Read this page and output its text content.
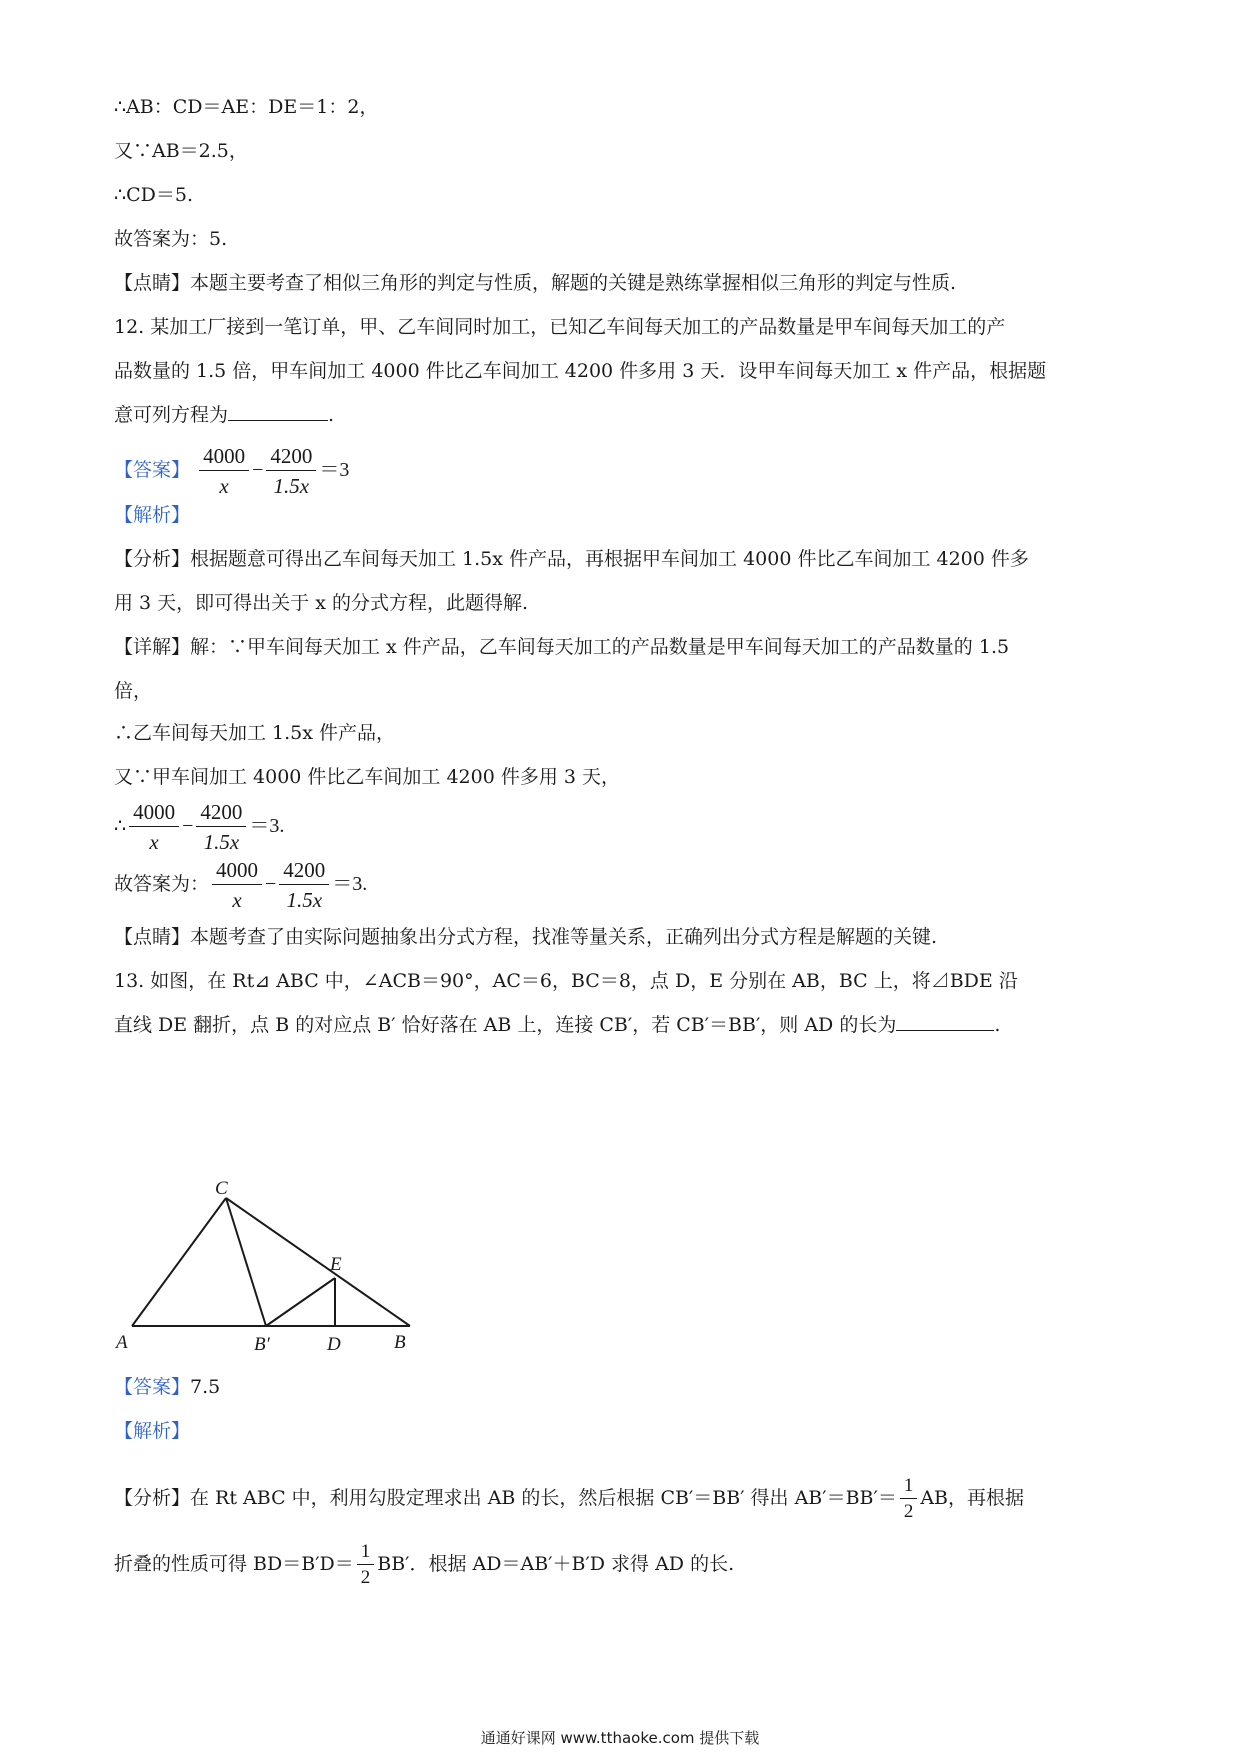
∴AB：CD＝AE：DE＝1：2，
又∵AB＝2.5，
∴CD＝5.
故答案为：5.
【点睛】本题主要考查了相似三角形的判定与性质，解题的关键是熟练掌握相似三角形的判定与性质.
12. 某加工厂接到一笔订单，甲、乙车间同时加工，已知乙车间每天加工的产品数量是甲车间每天加工的产
品数量的 1.5 倍，甲车间加工 4000 件比乙车间加工 4200 件多用 3 天．设甲车间每天加工 x 件产品，根据题
意可列方程为	.
【答案】 $\frac{4000}{x} - \frac{4200}{1.5x} =3$
【解析】
【分析】根据题意可得出乙车间每天加工 1.5x 件产品，再根据甲车间加工 4000 件比乙车间加工 4200 件多
用 3 天，即可得出关于 x 的分式方程，此题得解.
【详解】解：∵甲车间每天加工 x 件产品，乙车间每天加工的产品数量是甲车间每天加工的产品数量的 1.5
倍，
∴乙车间每天加工 1.5x 件产品，
又∵甲车间加工 4000 件比乙车间加工 4200 件多用 3 天，
∴ $\frac{4000}{x} - \frac{4200}{1.5x} =3$.
故答案为： $\frac{4000}{x} - \frac{4200}{1.5x} =3$.
【点睛】本题考查了由实际问题抽象出分式方程，找准等量关系，正确列出分式方程是解题的关键.
13. 如图，在 Rt⊿ ABC 中，∠ACB＝90°，AC＝6，BC＝8，点 D，E 分别在 AB，BC 上，将⊿BDE 沿
直线 DE 翻折，点 B 的对应点 B′ 恰好落在 AB 上，连接 CB′，若 CB′＝BB′，则 AD 的长为	.
C
E
A	B′	D	B
【答案】7.5
【解析】
【分析】在 Rt ABC 中，利用勾股定理求出 AB 的长，然后根据 CB′＝BB′ 得出 $AB'=BB'= \frac{1}{2}$ AB，再根据
折叠的性质可得 $BD=B'D= \frac{1}{2} BB'$．根据 AD＝AB′＋B′D 求得 AD 的长.
通通好课网 www.tthaoke.com 提供下载
